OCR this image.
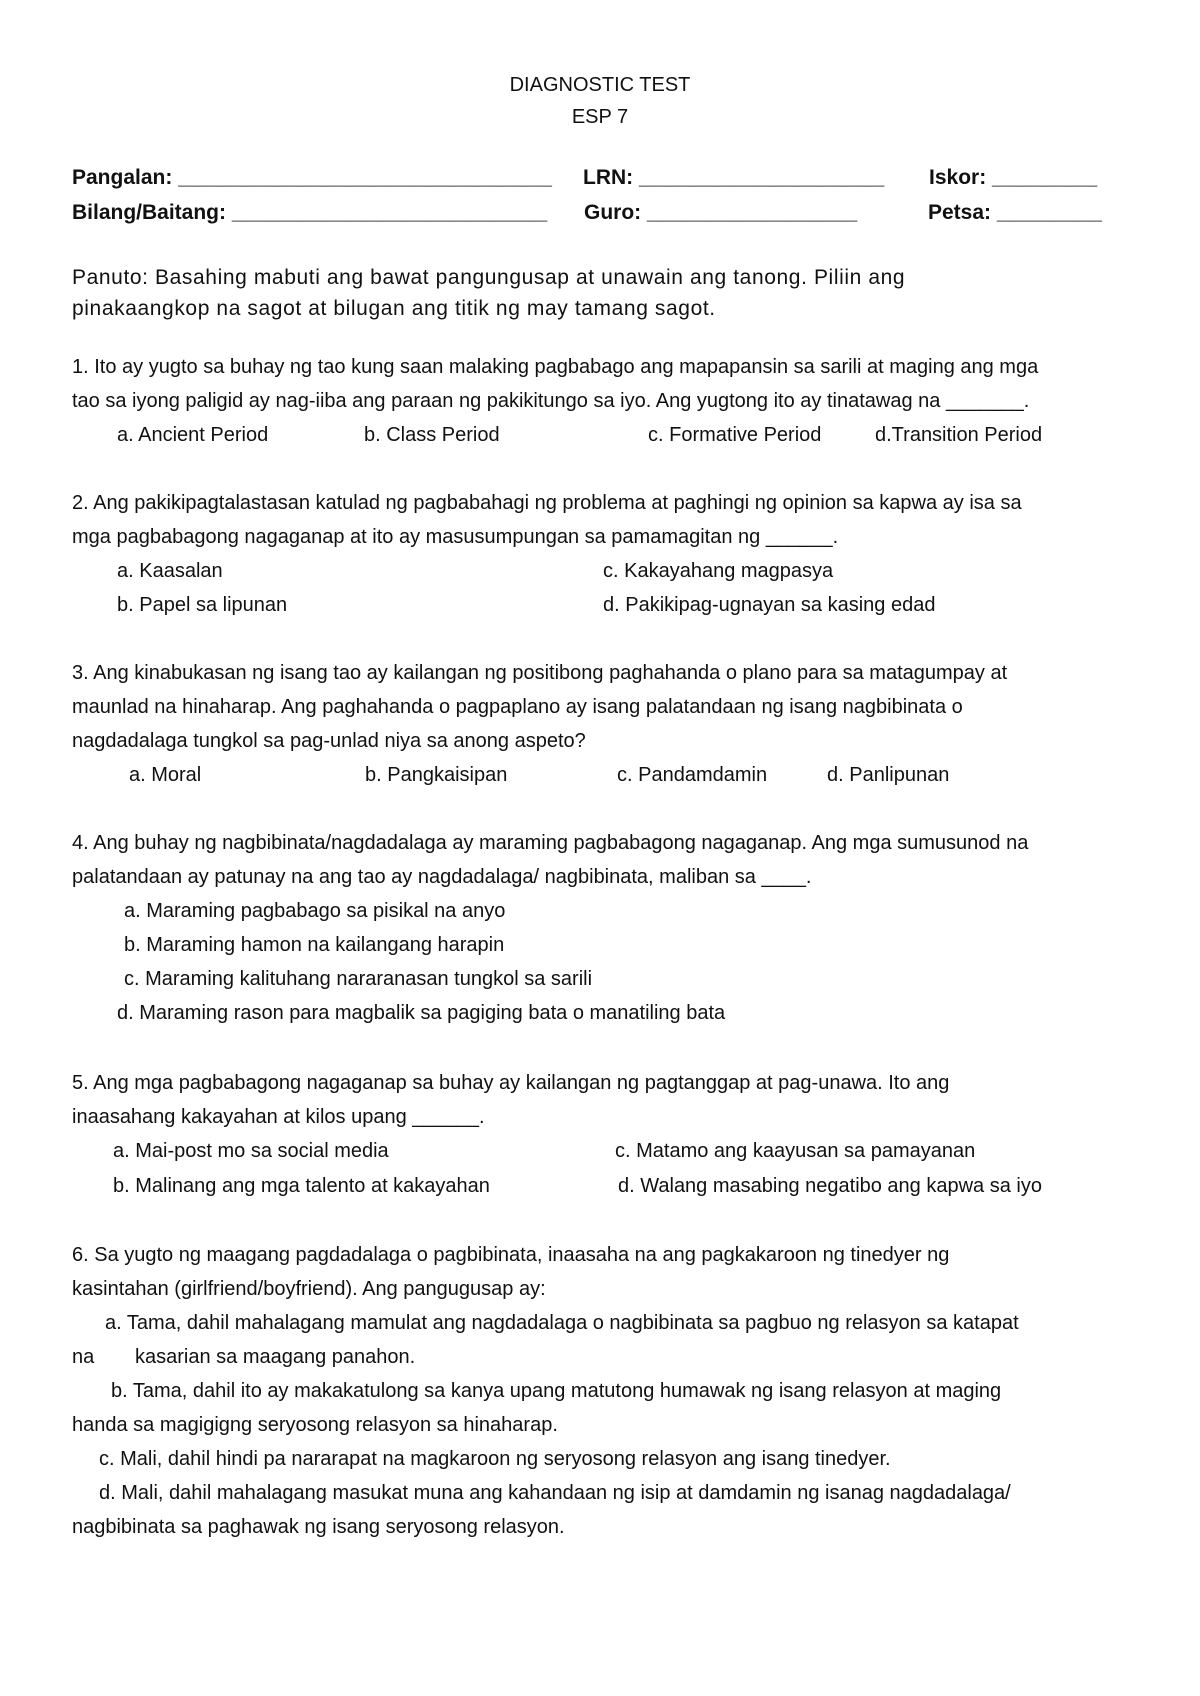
DIAGNOSTIC TEST
ESP 7
Pangalan: ________________________________ LRN: _____________________ Iskor: _________
Bilang/Baitang: ___________________________ Guro: __________________	Petsa: _________
Panuto: Basahing mabuti ang bawat pangungusap at unawain ang tanong. Piliin ang
pinakaangkop na sagot at bilugan ang titik ng may tamang sagot.
1. Ito ay yugto sa buhay ng tao kung saan malaking pagbabago ang mapapansin sa sarili at maging ang mga
tao sa iyong paligid ay nag-iiba ang paraan ng pakikitungo sa iyo. Ang yugtong ito ay tinatawag na _______.
a. Ancient Period	b. Class Period	c. Formative Period	d.Transition Period
2. Ang pakikipagtalastasan katulad ng pagbabahagi ng problema at paghingi ng opinion sa kapwa ay isa sa
mga pagbabagong nagaganap at ito ay masusumpungan sa pamamagitan ng ______.
a. Kaasalan	c. Kakayahang magpasya
b. Papel sa lipunan	d. Pakikipag-ugnayan sa kasing edad
3. Ang kinabukasan ng isang tao ay kailangan ng positibong paghahanda o plano para sa matagumpay at
maunlad na hinaharap. Ang paghahanda o pagpaplano ay isang palatandaan ng isang nagbibinata o
nagdadalaga tungkol sa pag-unlad niya sa anong aspeto?
a. Moral	b. Pangkaisipan	c. Pandamdamin	d. Panlipunan
4. Ang buhay ng nagbibinata/nagdadalaga ay maraming pagbabagong nagaganap. Ang mga sumusunod na
palatandaan ay patunay na ang tao ay nagdadalaga/ nagbibinata, maliban sa ____.
a. Maraming pagbabago sa pisikal na anyo
b. Maraming hamon na kailangang harapin
c. Maraming kalituhang nararanasan tungkol sa sarili
d. Maraming rason para magbalik sa pagiging bata o manatiling bata
5. Ang mga pagbabagong nagaganap sa buhay ay kailangan ng pagtanggap at pag-unawa. Ito ang
inaasahang kakayahan at kilos upang ______.
a. Mai-post mo sa social media	c. Matamo ang kaayusan sa pamayanan
b. Malinang ang mga talento at kakayahan	d. Walang masabing negatibo ang kapwa sa iyo
6. Sa yugto ng maagang pagdadalaga o pagbibinata, inaasaha na ang pagkakaroon ng tinedyer ng
kasintahan (girlfriend/boyfriend). Ang pangugusap ay:
a. Tama, dahil mahalagang mamulat ang nagdadalaga o nagbibinata sa pagbuo ng relasyon sa katapat
na kasarian sa maagang panahon.
b. Tama, dahil ito ay makakatulong sa kanya upang matutong humawak ng isang relasyon at maging
handa sa magigigng seryosong relasyon sa hinaharap.
c. Mali, dahil hindi pa nararapat na magkaroon ng seryosong relasyon ang isang tinedyer.
d. Mali, dahil mahalagang masukat muna ang kahandaan ng isip at damdamin ng isanag nagdadalaga/
nagbibinata sa paghawak ng isang seryosong relasyon.
